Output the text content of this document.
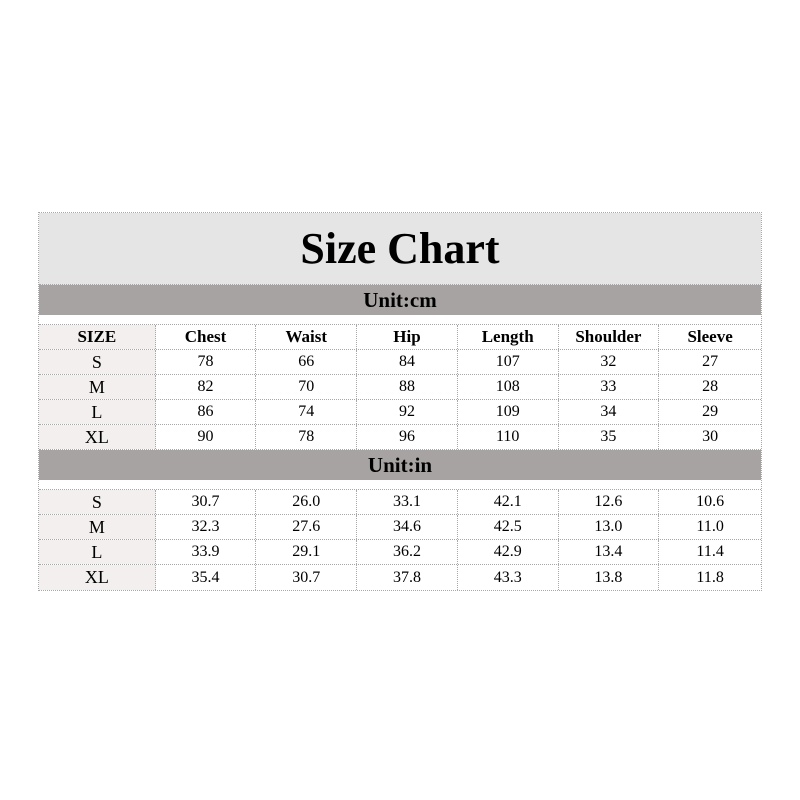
Size Chart
Unit:cm
SIZE	Chest	Waist	Hip	Length	Shoulder	Sleeve
S	78	66	84	107	32	27
M	82	70	88	108	33	28
L	86	74	92	109	34	29
XL	90	78	96	110	35	30
Unit:in
S	30.7	26.0	33.1	42.1	12.6	10.6
M	32.3	27.6	34.6	42.5	13.0	11.0
L	33.9	29.1	36.2	42.9	13.4	11.4
XL	35.4	30.7	37.8	43.3	13.8	11.8
